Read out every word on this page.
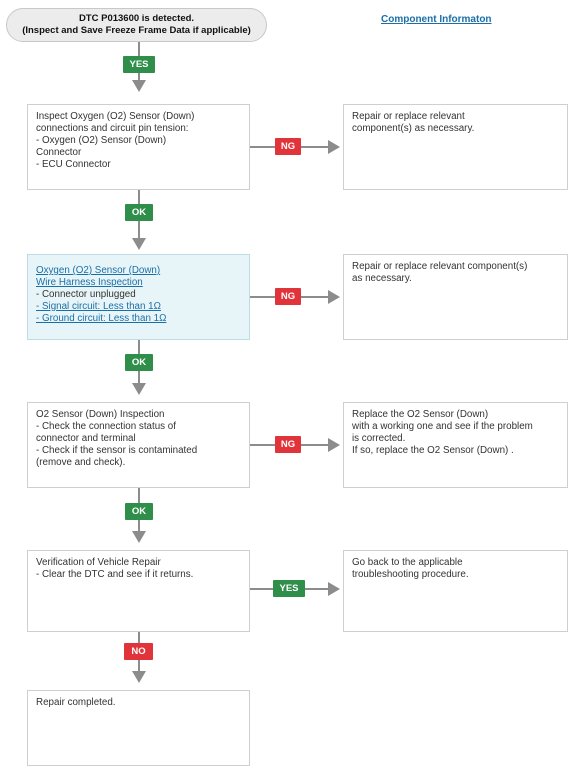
DTC P013600 is detected.
(Inspect and Save Freeze Frame Data if applicable)
Component Informaton
YES
Inspect Oxygen (O2) Sensor (Down)
connections and circuit pin tension:
- Oxygen (O2) Sensor (Down)
Connector
- ECU Connector
NG
Repair or replace relevant
component(s) as necessary.
OK
Oxygen (O2) Sensor (Down)
Wire Harness Inspection
- Connector unplugged
- Signal circuit: Less than 1Ω
- Ground circuit: Less than 1Ω
NG
Repair or replace relevant component(s)
as necessary.
OK
O2 Sensor (Down) Inspection
- Check the connection status of
connector and terminal
- Check if the sensor is contaminated
(remove and check).
NG
Replace the O2 Sensor (Down)
with a working one and see if the problem
is corrected.
If so, replace the O2 Sensor (Down) .
OK
Verification of Vehicle Repair
- Clear the DTC and see if it returns.
YES
Go back to the applicable
troubleshooting procedure.
NO
Repair completed.
